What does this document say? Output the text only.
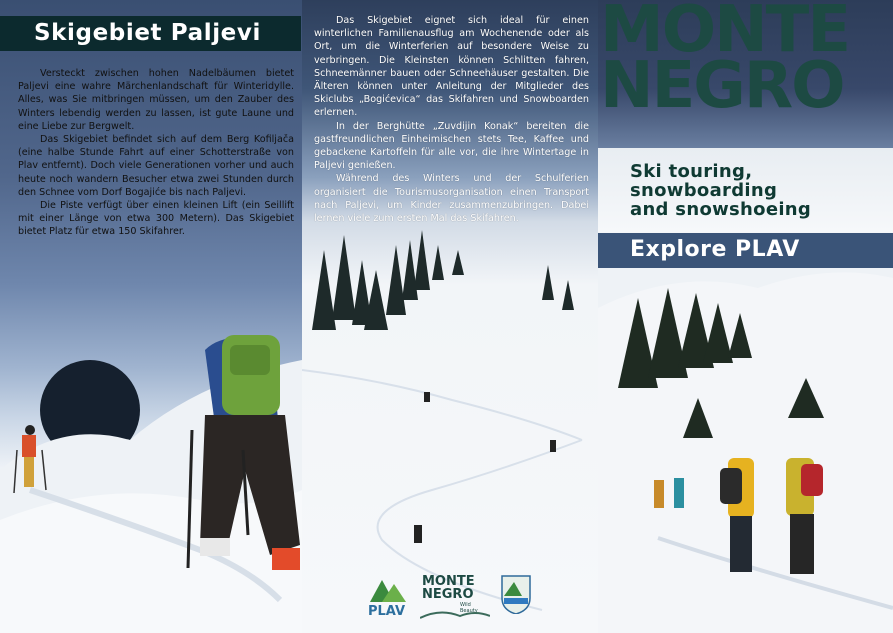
Skigebiet Paljevi

Versteckt zwischen hohen Nadelbäumen bietet Paljevi eine wahre Märchenlandschaft für Winteridylle. Alles, was Sie mitbringen müssen, um den Zauber des Winters lebendig werden zu lassen, ist gute Laune und eine Liebe zur Bergwelt.

Das Skigebiet befindet sich auf dem Berg Kofiljača (eine halbe Stunde Fahrt auf einer Schotterstraße von Plav entfernt). Doch viele Generationen vorher und auch heute noch wandern Besucher etwa zwei Stunden durch den Schnee vom Dorf Bogajiće bis nach Paljevi.

Die Piste verfügt über einen kleinen Lift (ein Seillift mit einer Länge von etwa 300 Metern). Das Skigebiet bietet Platz für etwa 150 Skifahrer.

Das Skigebiet eignet sich ideal für einen winterlichen Familienausflug am Wochenende oder als Ort, um die Winterferien auf besondere Weise zu verbringen. Die Kleinsten können Schlitten fahren, Schneemänner bauen oder Schneehäuser gestalten. Die Älteren können unter Anleitung der Mitglieder des Skiclubs „Bogićevica“ das Skifahren und Snowboarden erlernen.

In der Berghütte „Zuvdijin Konak“ bereiten die gastfreundlichen Einheimischen stets Tee, Kaffee und gebackene Kartoffeln für alle vor, die ihre Wintertage in Paljevi genießen.

Während des Winters und der Schulferien organisiert die Tourismusorganisation einen Transport nach Paljevi, um Kinder zusammenzubringen. Dabei lernen viele zum ersten Mal das Skifahren.

PLAV
MONTE
NEGRO
Wild Beauty
MONTE
NEGRO
Ski touring,
snowboarding
and snowshoeing
Explore PLAV
